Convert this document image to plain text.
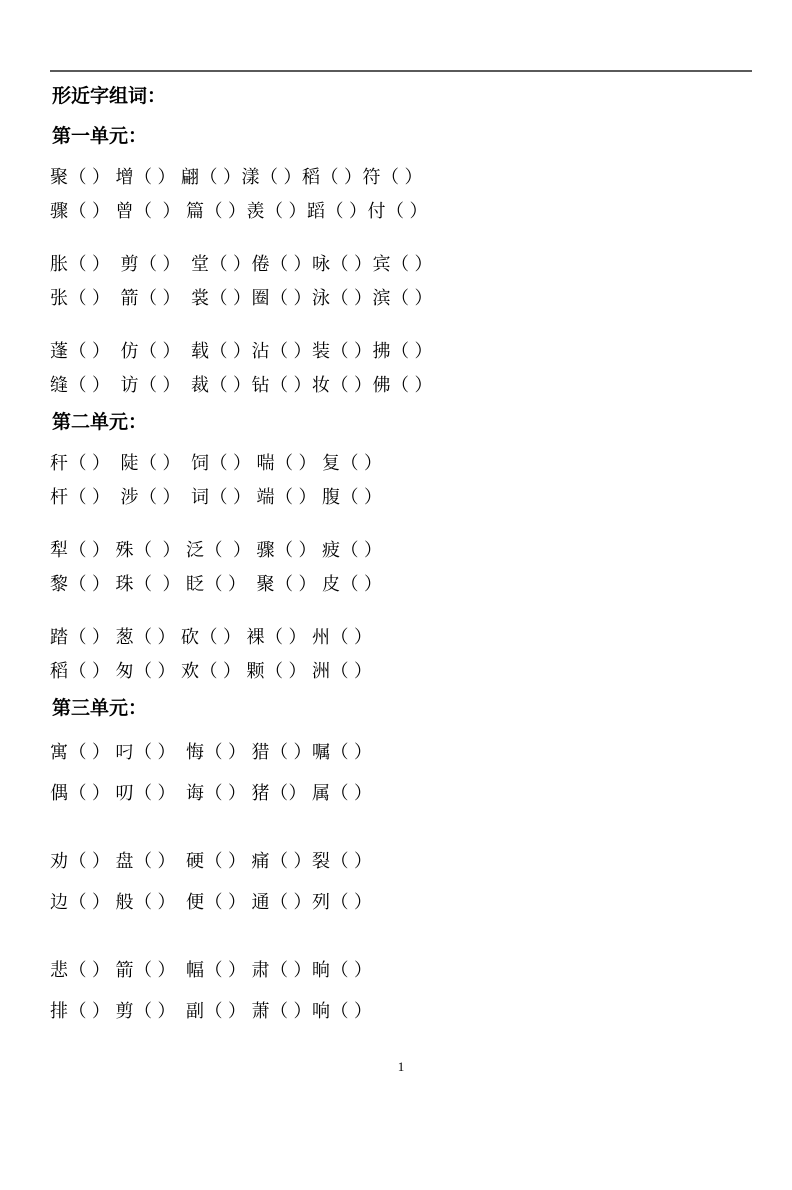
形近字组词：
第一单元：

聚（ ） 增（ ） 翩（ ）漾（ ）稻（ ）符（ ）

骤（ ） 曾（  ） 篇（ ）羡（ ）蹈（ ）付（ ）

胀（ ）  剪（ ）  堂（ ）倦（ ）咏（ ）宾（ ）

张（ ）  箭（ ）  裳（ ）圈（ ）泳（ ）滨（ ）

蓬（ ）  仿（ ）  载（ ）沾（ ）装（ ）拂（ ）

缝（ ）  访（ ）  裁（ ）钻（ ）妆（ ）佛（ ）

第二单元：

秆（ ）  陡（ ）  饲（ ） 喘（ ） 复（ ）

杆（ ）  涉（ ）  词（ ） 端（ ） 腹（ ）

犁（ ） 殊（  ） 泛（  ） 骤（ ） 疲（ ）

黎（ ） 珠（  ） 眨（ ）  聚（ ） 皮（ ）

踏（ ） 葱（ ） 砍（ ） 裸（ ） 州（ ）

稻（ ） 匆（ ） 欢（ ） 颗（ ） 洲（ ）

第三单元：

寓（ ） 叼（ ）  悔（ ） 猎（ ）嘱（ ）

偶（ ） 叨（ ）  诲（ ） 猪（） 属（ ）

劝（ ） 盘（ ）  硬（ ） 痛（ ）裂（ ）

边（ ） 般（ ）  便（ ） 通（ ）列（ ）

悲（ ） 箭（ ）  幅（ ） 肃（ ）晌（ ）

排（ ） 剪（ ）  副（ ） 萧（ ）响（ ）

1
